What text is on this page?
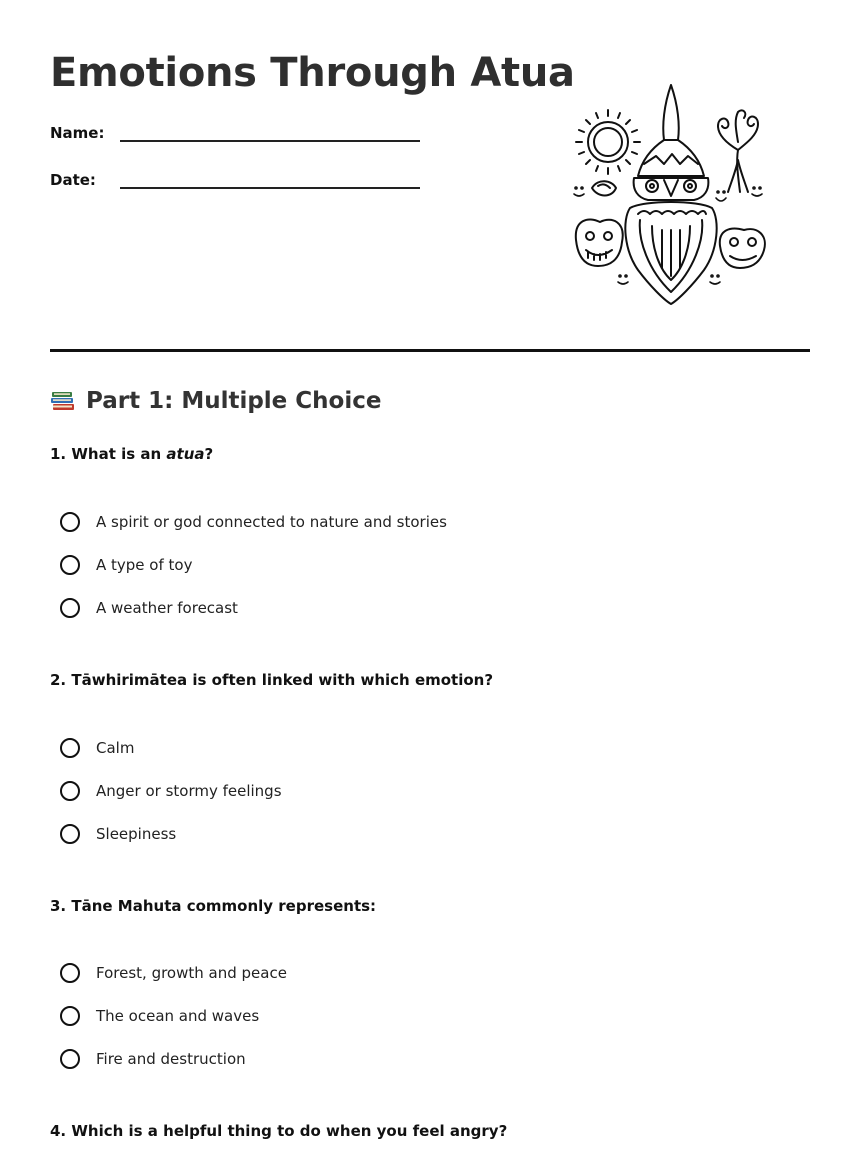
Emotions Through Atua
Name:
Date:
Part 1: Multiple Choice

1. What is an atua?

A spirit or god connected to nature and stories
A type of toy
A weather forecast

2. Tāwhirimātea is often linked with which emotion?

Calm
Anger or stormy feelings
Sleepiness

3. Tāne Mahuta commonly represents:

Forest, growth and peace
The ocean and waves
Fire and destruction

4. Which is a helpful thing to do when you feel angry?
